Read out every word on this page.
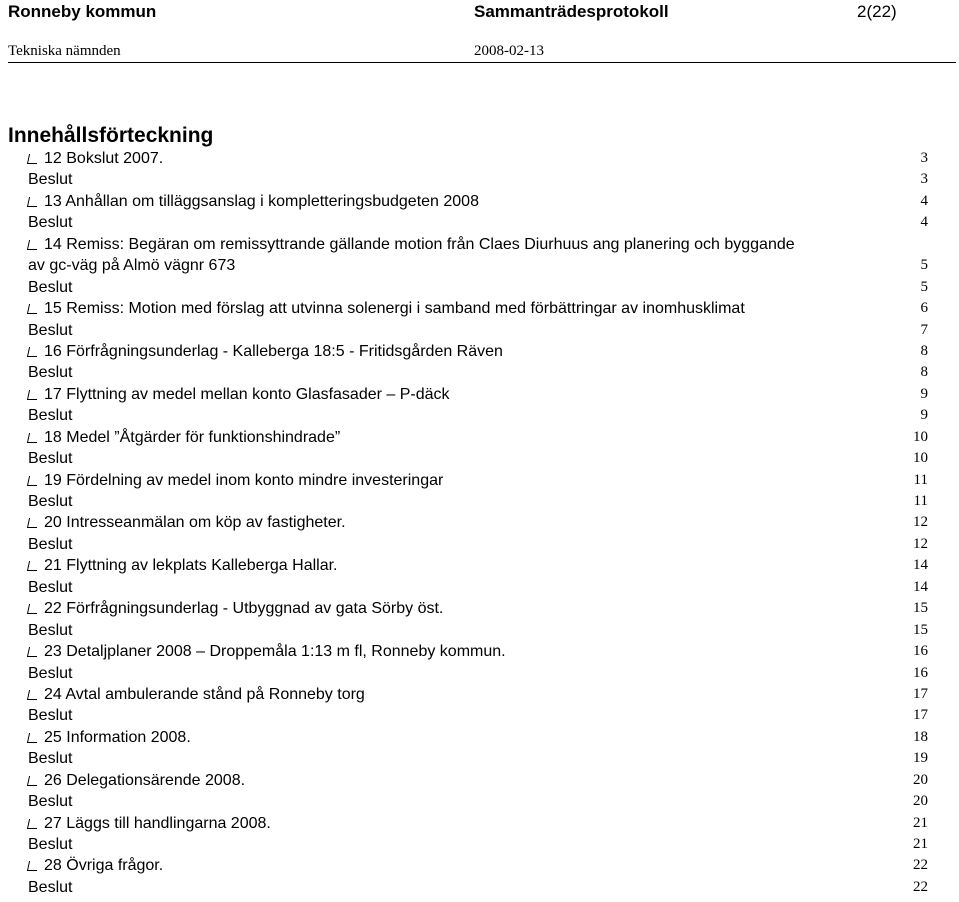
Ronneby kommun	Sammanträdesprotokoll	2(22)
Tekniska nämnden	2008-02-13
Innehållsförteckning
12 Bokslut 2007.	3
Beslut	3
13 Anhållan om tilläggsanslag i kompletteringsbudgeten 2008	4
Beslut	4
14 Remiss: Begäran om remissyttrande gällande motion från Claes Diurhuus ang planering och byggande
av gc-väg på Almö vägnr 673	5
Beslut	5
15 Remiss: Motion med förslag att utvinna solenergi i samband med förbättringar av inomhusklimat	6
Beslut	7
16 Förfrågningsunderlag - Kalleberga 18:5 - Fritidsgården Räven	8
Beslut	8
17 Flyttning av medel mellan konto Glasfasader – P-däck	9
Beslut	9
18 Medel ”Åtgärder för funktionshindrade”	10
Beslut	10
19 Fördelning av medel inom konto mindre investeringar	11
Beslut	11
20 Intresseanmälan om köp av fastigheter.	12
Beslut	12
21 Flyttning av lekplats Kalleberga Hallar.	14
Beslut	14
22 Förfrågningsunderlag - Utbyggnad av gata Sörby öst.	15
Beslut	15
23 Detaljplaner 2008 – Droppemåla 1:13 m fl, Ronneby kommun.	16
Beslut	16
24 Avtal ambulerande stånd på Ronneby torg	17
Beslut	17
25 Information 2008.	18
Beslut	19
26 Delegationsärende 2008.	20
Beslut	20
27 Läggs till handlingarna 2008.	21
Beslut	21
28 Övriga frågor.	22
Beslut	22
